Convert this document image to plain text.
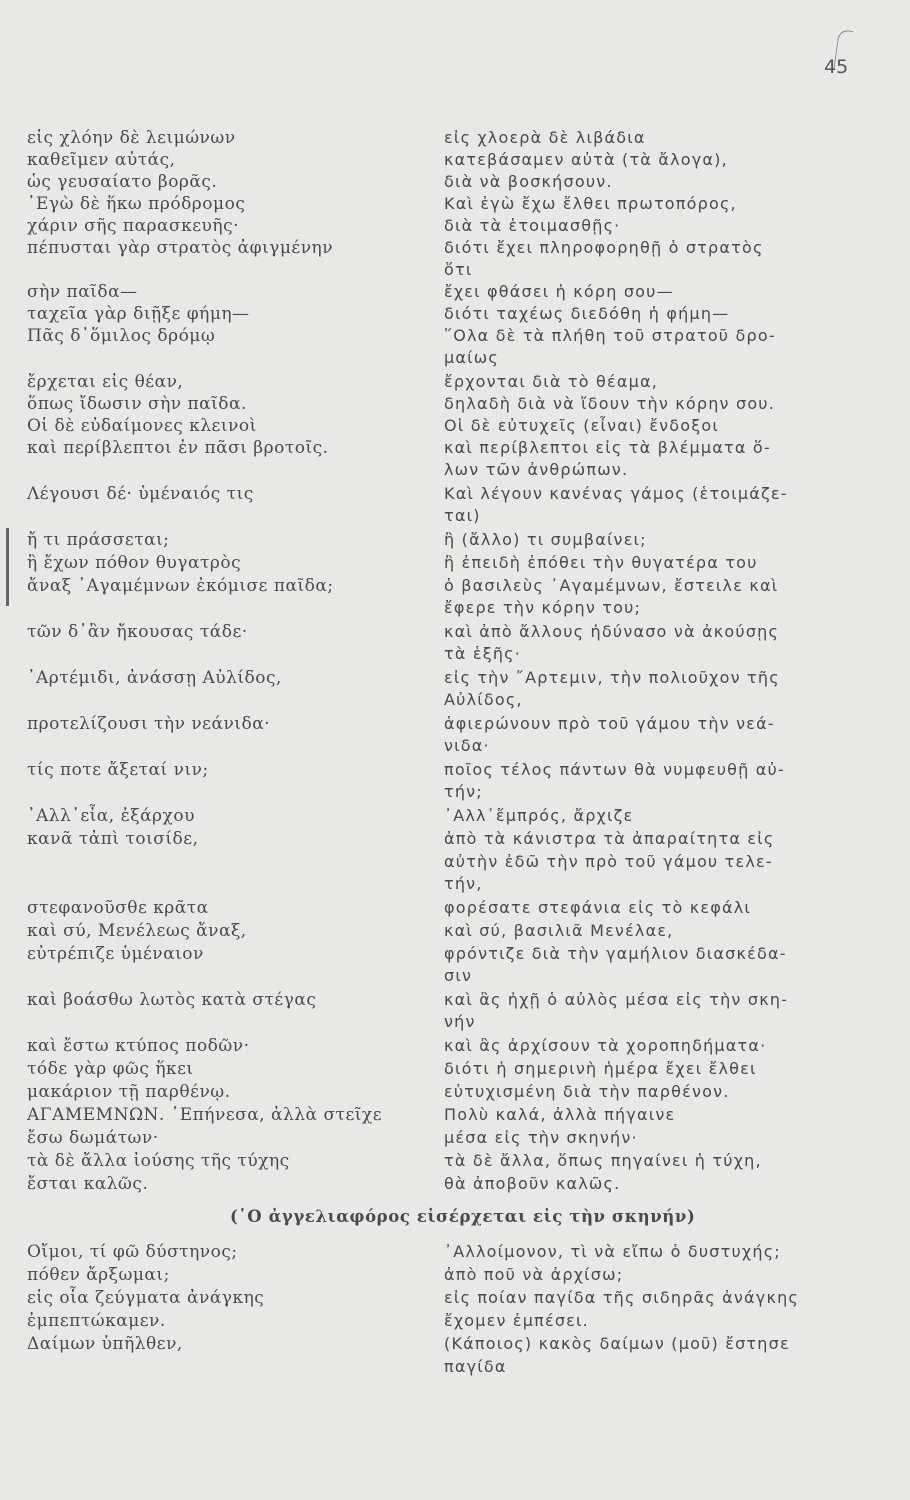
45
(῾Ο ἀγγελιαφόρος εἰσέρχεται εἰς τὴν σκηνήν)
εἰς χλόην δὲ λειμώνων	εἰς χλοερὰ δὲ λιβάδια
καθεῖμεν αὐτάς,	κατεβάσαμεν αὐτὰ (τὰ ἄλογα),
ὡς γευσαίατο βορᾶς.	διὰ νὰ βοσκήσουν.
᾿Εγὼ δὲ ἥκω πρόδρομος	Καὶ ἐγὼ ἔχω ἔλθει πρωτοπόρος,
χάριν σῆς παρασκευῆς·	διὰ τὰ ἑτοιμασθῇς·
πέπυσται γὰρ στρατὸς ἀφιγμένην	διότι ἔχει πληροφορηθῇ ὁ στρατὸς
ὅτι
σὴν παῖδα—	ἔχει φθάσει ἡ κόρη σου—
ταχεῖα γὰρ διῇξε φήμη—	διότι ταχέως διεδόθη ἡ φήμη—
Πᾶς δ᾽ὅμιλος δρόμῳ	῞Ολα δὲ τὰ πλήθη τοῦ στρατοῦ δρο-
μαίως
ἔρχεται εἰς θέαν,	ἔρχονται διὰ τὸ θέαμα,
ὅπως ἴδωσιν σὴν παῖδα.	δηλαδὴ διὰ νὰ ἴδουν τὴν κόρην σου.
Οἱ δὲ εὐδαίμονες κλεινοὶ	Οἱ δὲ εὐτυχεῖς (εἶναι) ἔνδοξοι
καὶ περίβλεπτοι ἐν πᾶσι βροτοῖς.	καὶ περίβλεπτοι εἰς τὰ βλέμματα ὅ-
λων τῶν ἀνθρώπων.
Λέγουσι δέ· ὑμέναιός τις	Καὶ λέγουν κανένας γάμος (ἑτοιμάζε-
ται)
ἤ τι πράσσεται;	ἢ (ἄλλο) τι συμβαίνει;
ἢ ἔχων πόθον θυγατρὸς	ἢ ἐπειδὴ ἐπόθει τὴν θυγατέρα του
ἄναξ ᾿Αγαμέμνων ἐκόμισε παῖδα;	ὁ βασιλεὺς ᾿Αγαμέμνων, ἔστειλε καὶ
ἔφερε τὴν κόρην του;
τῶν δ᾽ἂν ἤκουσας τάδε·	καὶ ἀπὸ ἄλλους ἠδύνασο νὰ ἀκούσῃς
τὰ ἑξῆς·
᾿Αρτέμιδι, ἀνάσσῃ Αὐλίδος,	εἰς τὴν ῎Αρτεμιν, τὴν πολιοῦχον τῆς
Αὐλίδος,
προτελίζουσι τὴν νεάνιδα·	ἀφιερώνουν πρὸ τοῦ γάμου τὴν νεά-
νιδα·
τίς ποτε ἄξεταί νιν;	ποῖος τέλος πάντων θὰ νυμφευθῇ αὐ-
τήν;
᾿Αλλ᾽εἶα, ἐξάρχου	᾿Αλλ᾽ἔμπρός, ἄρχιζε
κανᾶ τἀπὶ τοισίδε,	ἀπὸ τὰ κάνιστρα τὰ ἀπαραίτητα εἰς
αὐτὴν ἐδῶ τὴν πρὸ τοῦ γάμου τελε-
τήν,
στεφανοῦσθε κρᾶτα	φορέσατε στεφάνια εἰς τὸ κεφάλι
καὶ σύ, Μενέλεως ἄναξ,	καὶ σύ, βασιλιᾶ Μενέλαε,
εὐτρέπιζε ὑμέναιον	φρόντιζε διὰ τὴν γαμήλιον διασκέδα-
σιν
καὶ βοάσθω λωτὸς κατὰ στέγας	καὶ ἂς ἠχῇ ὁ αὐλὸς μέσα εἰς τὴν σκη-
νήν
καὶ ἔστω κτύπος ποδῶν·	καὶ ἂς ἀρχίσουν τὰ χοροπηδήματα·
τόδε γὰρ φῶς ἥκει	διότι ἡ σημερινὴ ἡμέρα ἔχει ἔλθει
μακάριον τῇ παρθένῳ.	εὐτυχισμένη διὰ τὴν παρθένον.
ΑΓΑΜΕΜΝΩΝ. ᾿Επήνεσα, ἀλλὰ στεῖχε	Πολὺ καλά, ἀλλὰ πήγαινε
ἔσω δωμάτων·	μέσα εἰς τὴν σκηνήν·
τὰ δὲ ἄλλα ἰούσης τῆς τύχης	τὰ δὲ ἄλλα, ὅπως πηγαίνει ἡ τύχη,
ἔσται καλῶς.	θὰ ἀποβοῦν καλῶς.
Οἴμοι, τί φῶ δύστηνος;	᾿Αλλοίμονον, τὶ νὰ εἴπω ὁ δυστυχής;
πόθεν ἄρξωμαι;	ἀπὸ ποῦ νὰ ἀρχίσω;
εἰς οἷα ζεύγματα ἀνάγκης	εἰς ποίαν παγίδα τῆς σιδηρᾶς ἀνάγκης
ἐμπεπτώκαμεν.	ἔχομεν ἐμπέσει.
Δαίμων ὑπῆλθεν,	(Κάποιος) κακὸς δαίμων (μοῦ) ἔστησε
παγίδα
